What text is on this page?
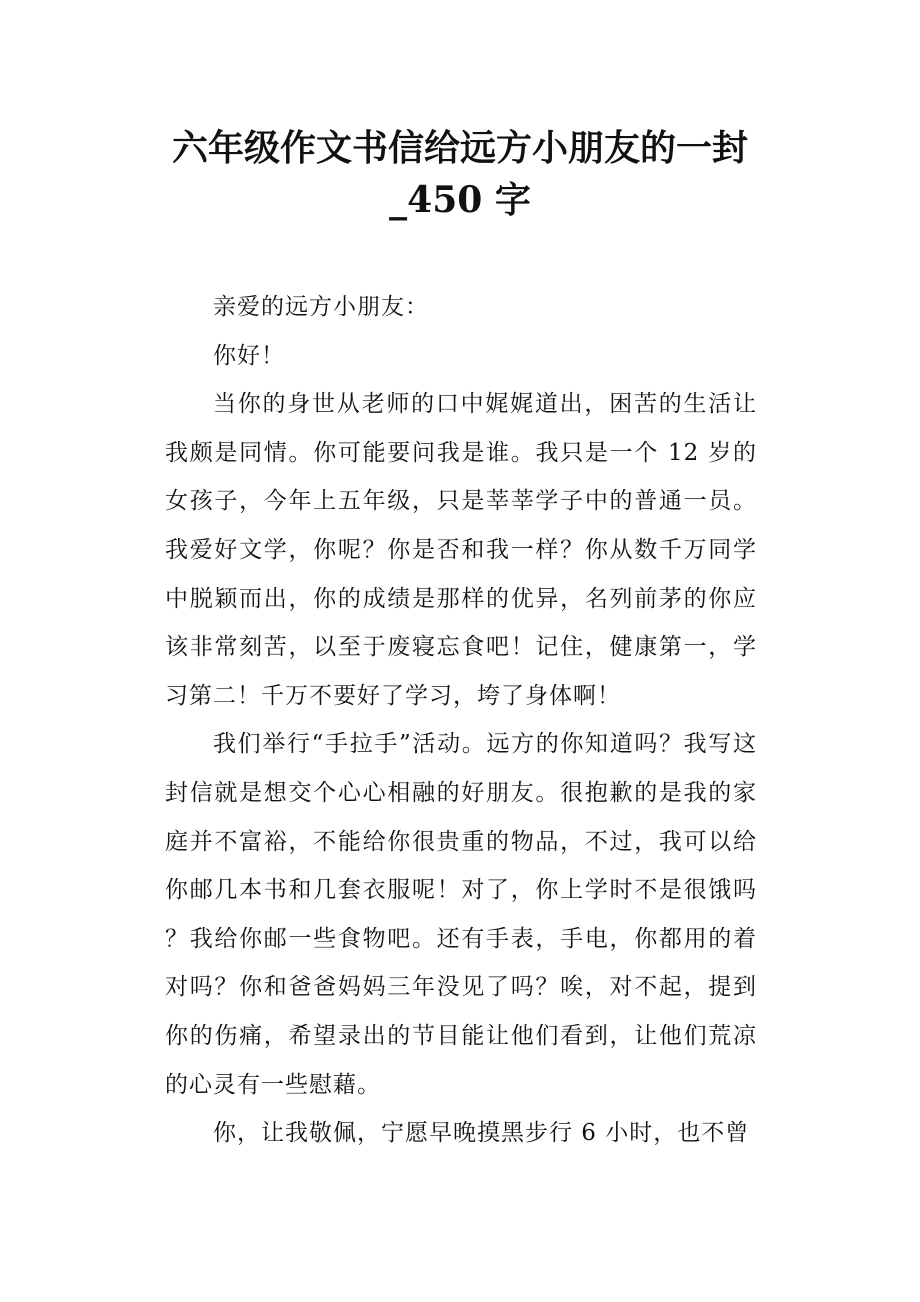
六年级作文书信给远方小朋友的一封
_450 字

亲爱的远方小朋友：

你好！

当你的身世从老师的口中娓娓道出，困苦的生活让我颇是同情。你可能要问我是谁。我只是一个 12 岁的女孩子，今年上五年级，只是莘莘学子中的普通一员。我爱好文学，你呢？你是否和我一样？你从数千万同学中脱颖而出，你的成绩是那样的优异，名列前茅的你应该非常刻苦，以至于废寝忘食吧！记住，健康第一，学习第二！千万不要好了学习，垮了身体啊！

我们举行“手拉手”活动。远方的你知道吗？我写这封信就是想交个心心相融的好朋友。很抱歉的是我的家庭并不富裕，不能给你很贵重的物品，不过，我可以给你邮几本书和几套衣服呢！对了，你上学时不是很饿吗？我给你邮一些食物吧。还有手表，手电，你都用的着对吗？你和爸爸妈妈三年没见了吗？唉，对不起，提到你的伤痛，希望录出的节目能让他们看到，让他们荒凉的心灵有一些慰藉。

你，让我敬佩，宁愿早晚摸黑步行 6 小时，也不曾
